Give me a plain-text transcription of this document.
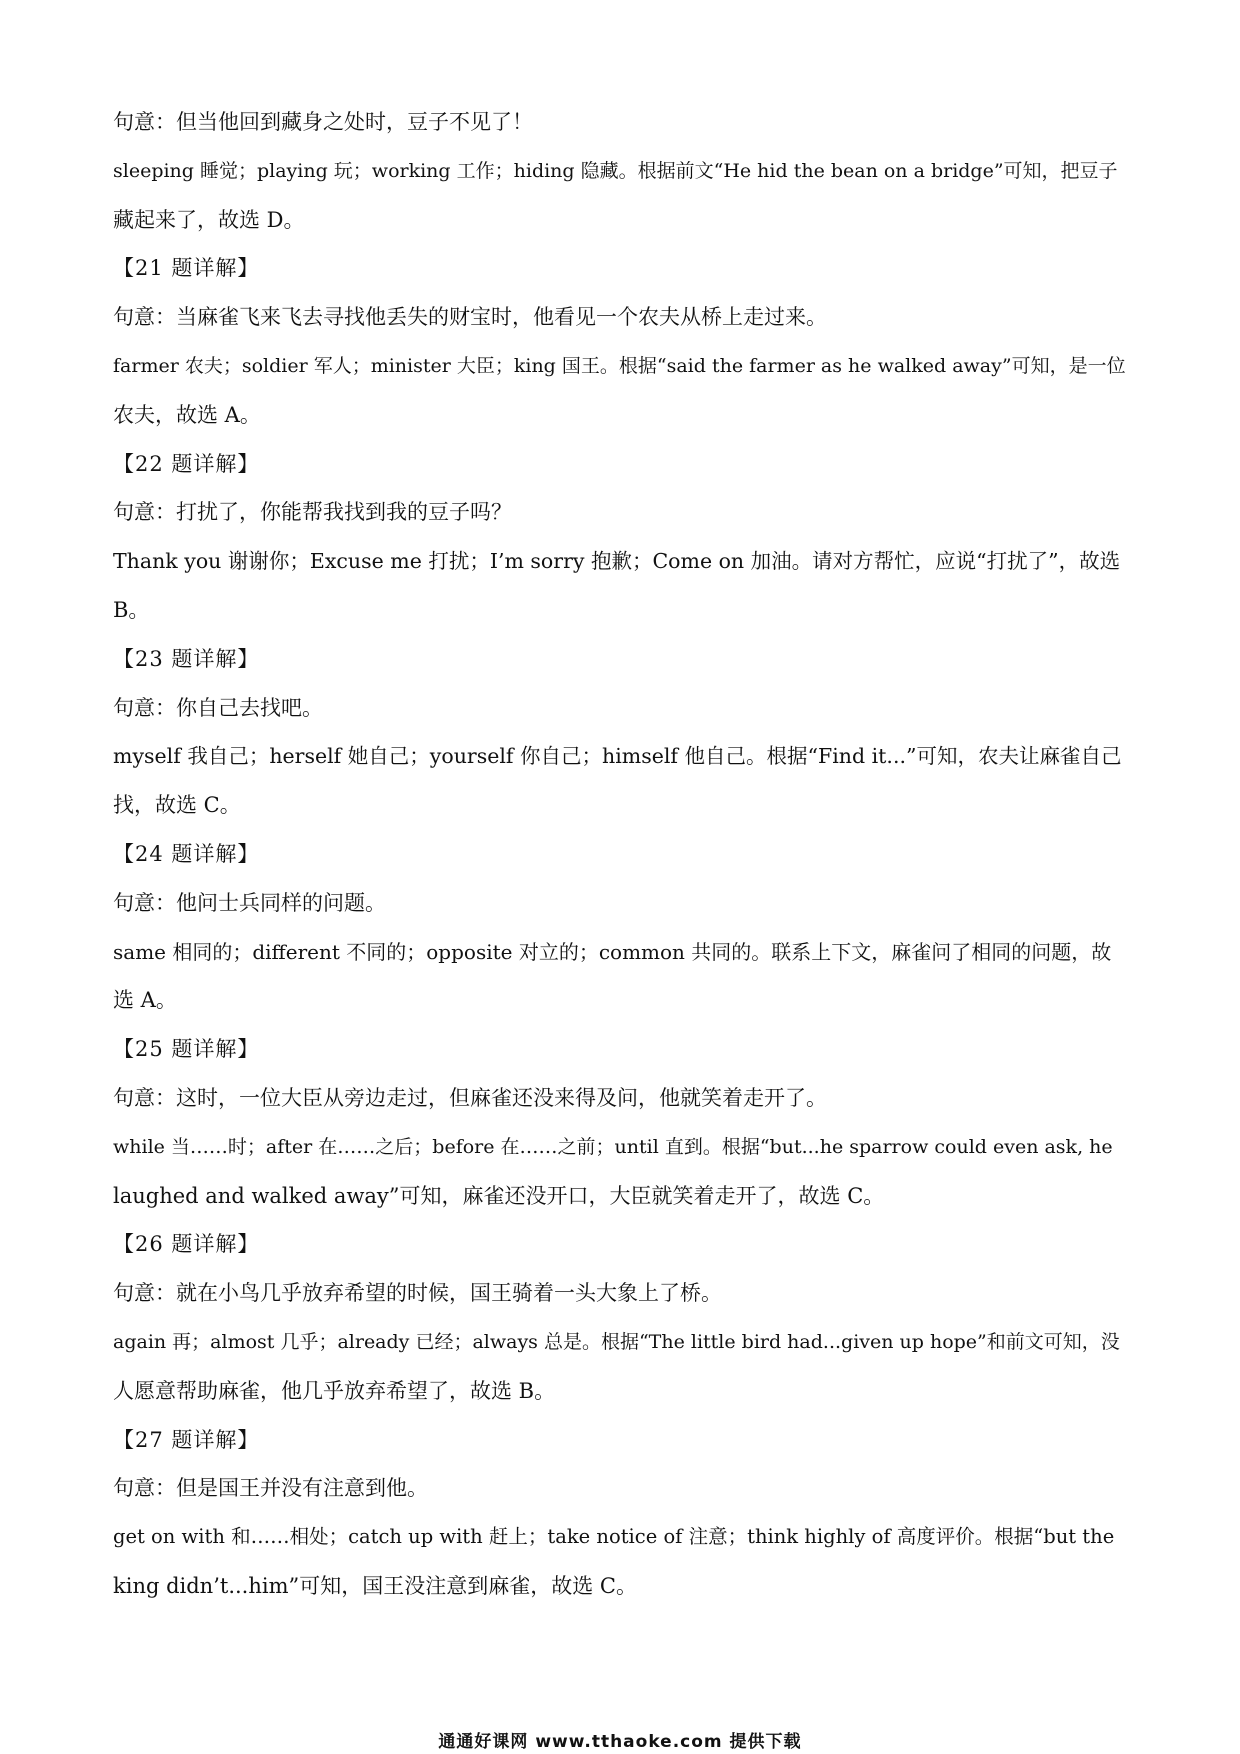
句意：但当他回到藏身之处时，豆子不见了！
sleeping 睡觉；playing 玩；working 工作；hiding 隐藏。根据前文“He hid the bean on a bridge”可知，把豆子
藏起来了，故选 D。
【21 题详解】
句意：当麻雀飞来飞去寻找他丢失的财宝时，他看见一个农夫从桥上走过来。
farmer 农夫；soldier 军人；minister 大臣；king 国王。根据“said the farmer as he walked away”可知，是一位
农夫，故选 A。
【22 题详解】
句意：打扰了，你能帮我找到我的豆子吗？
Thank you 谢谢你；Excuse me 打扰；I’m sorry 抱歉；Come on 加油。请对方帮忙，应说“打扰了”，故选
B。
【23 题详解】
句意：你自己去找吧。
myself 我自己；herself 她自己；yourself 你自己；himself 他自己。根据“Find it...”可知，农夫让麻雀自己
找，故选 C。
【24 题详解】
句意：他问士兵同样的问题。
same 相同的；different 不同的；opposite 对立的；common 共同的。联系上下文，麻雀问了相同的问题，故
选 A。
【25 题详解】
句意：这时，一位大臣从旁边走过，但麻雀还没来得及问，他就笑着走开了。
while 当……时；after 在……之后；before 在……之前；until 直到。根据“but...he sparrow could even ask, he
laughed and walked away”可知，麻雀还没开口，大臣就笑着走开了，故选 C。
【26 题详解】
句意：就在小鸟几乎放弃希望的时候，国王骑着一头大象上了桥。
again 再；almost 几乎；already 已经；always 总是。根据“The little bird had...given up hope”和前文可知，没
人愿意帮助麻雀，他几乎放弃希望了，故选 B。
【27 题详解】
句意：但是国王并没有注意到他。
get on with 和……相处；catch up with 赶上；take notice of 注意；think highly of 高度评价。根据“but the
king didn’t...him”可知，国王没注意到麻雀，故选 C。
通通好课网 www.tthaoke.com 提供下载
